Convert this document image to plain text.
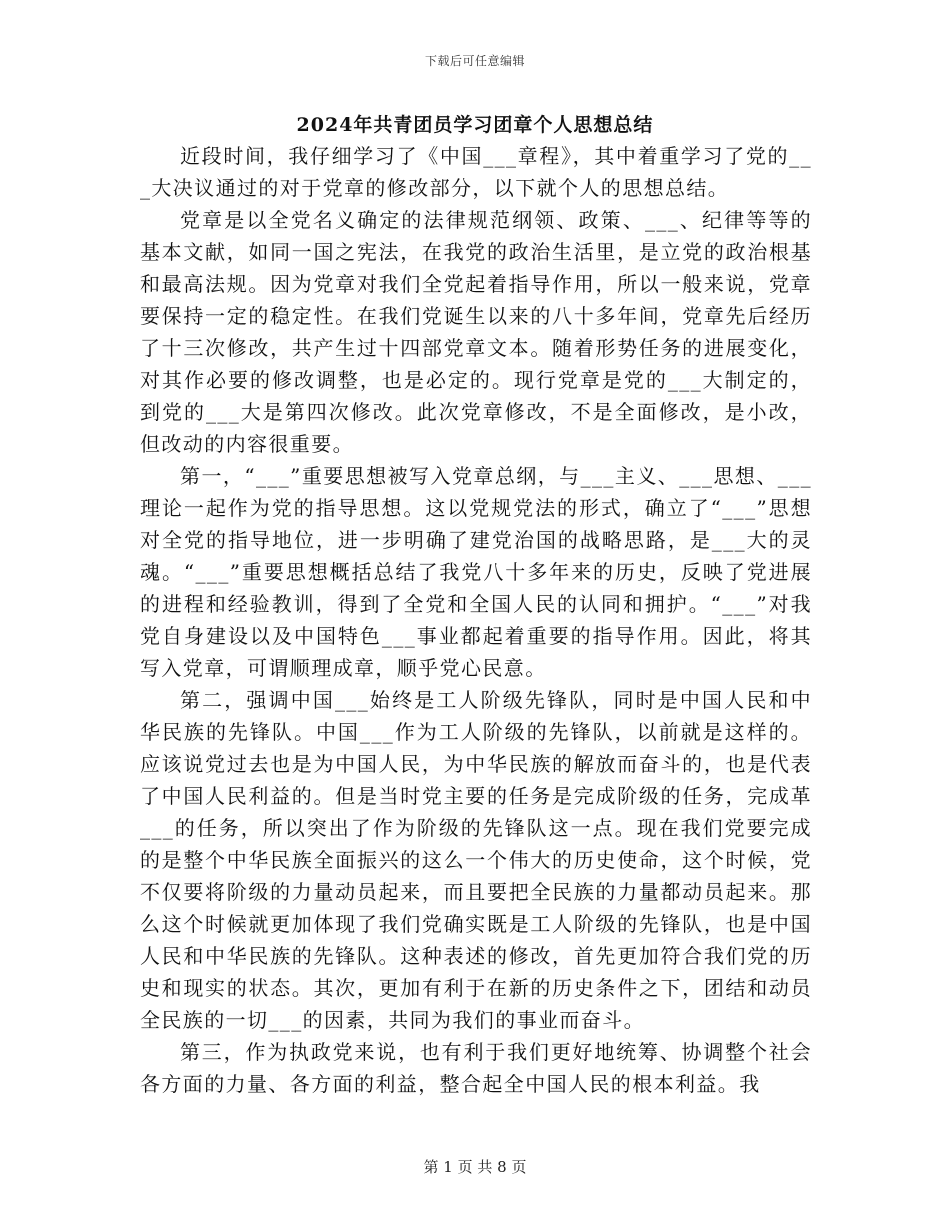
下载后可任意编辑
2024年共青团员学习团章个人思想总结

近段时间，我仔细学习了《中国___章程》，其中着重学习了党的___大决议通过的对于党章的修改部分，以下就个人的思想总结。

党章是以全党名义确定的法律规范纲领、政策、___、纪律等等的基本文献，如同一国之宪法，在我党的政治生活里，是立党的政治根基和最高法规。因为党章对我们全党起着指导作用，所以一般来说，党章要保持一定的稳定性。在我们党诞生以来的八十多年间，党章先后经历了十三次修改，共产生过十四部党章文本。随着形势任务的进展变化，对其作必要的修改调整，也是必定的。现行党章是党的___大制定的，到党的___大是第四次修改。此次党章修改，不是全面修改，是小改，但改动的内容很重要。

第一，“___”重要思想被写入党章总纲，与___主义、___思想、___理论一起作为党的指导思想。这以党规党法的形式，确立了“___”思想对全党的指导地位，进一步明确了建党治国的战略思路，是___大的灵魂。“___”重要思想概括总结了我党八十多年来的历史，反映了党进展的进程和经验教训，得到了全党和全国人民的认同和拥护。“___”对我党自身建设以及中国特色___事业都起着重要的指导作用。因此，将其写入党章，可谓顺理成章，顺乎党心民意。

第二，强调中国___始终是工人阶级先锋队，同时是中国人民和中华民族的先锋队。中国___作为工人阶级的先锋队，以前就是这样的。应该说党过去也是为中国人民，为中华民族的解放而奋斗的，也是代表了中国人民利益的。但是当时党主要的任务是完成阶级的任务，完成革___的任务，所以突出了作为阶级的先锋队这一点。现在我们党要完成的是整个中华民族全面振兴的这么一个伟大的历史使命，这个时候，党不仅要将阶级的力量动员起来，而且要把全民族的力量都动员起来。那么这个时候就更加体现了我们党确实既是工人阶级的先锋队，也是中国人民和中华民族的先锋队。这种表述的修改，首先更加符合我们党的历史和现实的状态。其次，更加有利于在新的历史条件之下，团结和动员全民族的一切___的因素，共同为我们的事业而奋斗。

第三，作为执政党来说，也有利于我们更好地统筹、协调整个社会各方面的力量、各方面的利益，整合起全中国人民的根本利益。我

第 1 页 共 8 页
